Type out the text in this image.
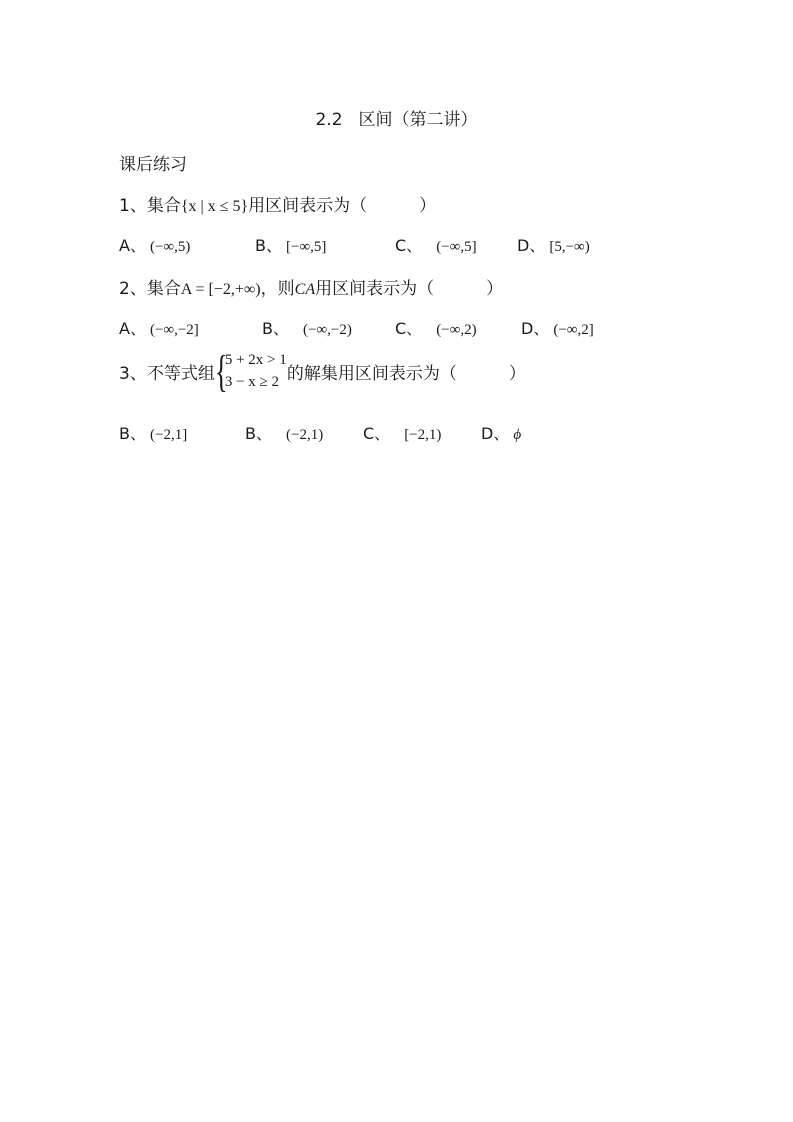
2.2 区间（第二讲）
课后练习
1、集合{x | x ≤ 5}用区间表示为（	）
A、 (−∞,5)	B、 [−∞,5]	C、 (−∞,5]	D、 [5,−∞)
2、集合A = [−2,+∞)，则CA用区间表示为（	）
A、 (−∞,−2]	B、 (−∞,−2)	C、 (−∞,2)	D、 (−∞,2]
3、不等式组 {
5 + 2x > 1
3 − x ≥ 2 的解集用区间表示为（	）
B、 (−2,1]	B、 (−2,1) C、 [−2,1) D、 ϕ
